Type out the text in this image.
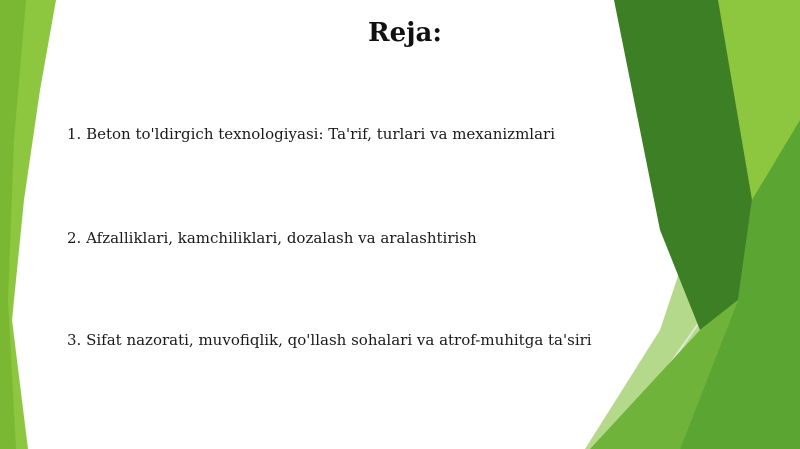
Reja:

1. Beton to'ldirgich texnologiyasi: Ta'rif, turlari va mexanizmlari

2. Afzalliklari, kamchiliklari, dozalash va aralashtirish

3. Sifat nazorati, muvofiqlik, qo'llash sohalari va atrof-muhitga ta'siri
